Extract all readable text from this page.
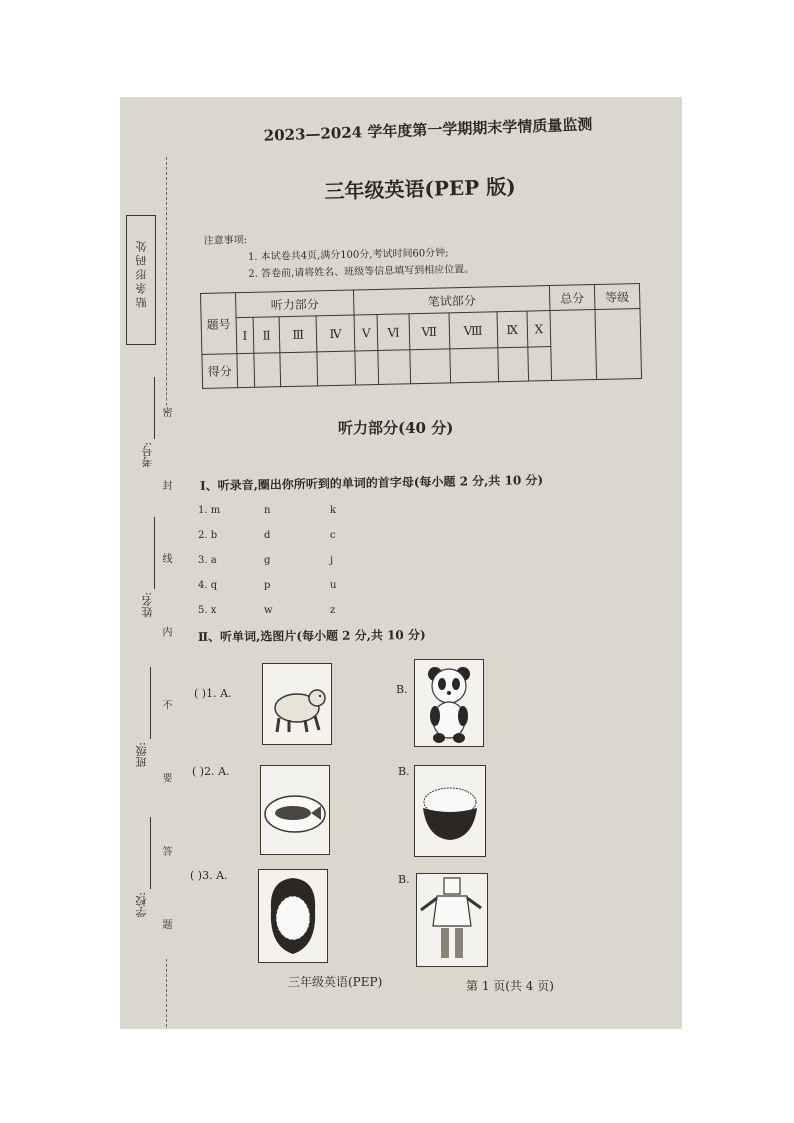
贴条形码处
密 封 线 内 不 要 答 题
考号:
姓名:
班级:
学校:
2023—2024 学年度第一学期期末学情质量监测
三年级英语(PEP 版)
注意事项:
1. 本试卷共4页,满分100分,考试时间60分钟;
2. 答卷前,请将姓名、班级等信息填写到相应位置。
题号	听力部分				笔试部分						总分	等级
	Ⅰ	Ⅱ	Ⅲ	Ⅳ	Ⅴ	Ⅵ	Ⅶ	Ⅷ	Ⅸ	Ⅹ		
得分												
听力部分(40 分)
Ⅰ、听录音,圈出你所听到的单词的首字母(每小题 2 分,共 10 分)
1. m	n	k
2. b	d	c
3. a	g	j
4. q	p	u
5. x	w	z
Ⅱ、听单词,选图片(每小题 2 分,共 10 分)
( )1. A.	B.
( )2. A.	B.
( )3. A.	B.
三年级英语(PEP)	第 1 页(共 4 页)
